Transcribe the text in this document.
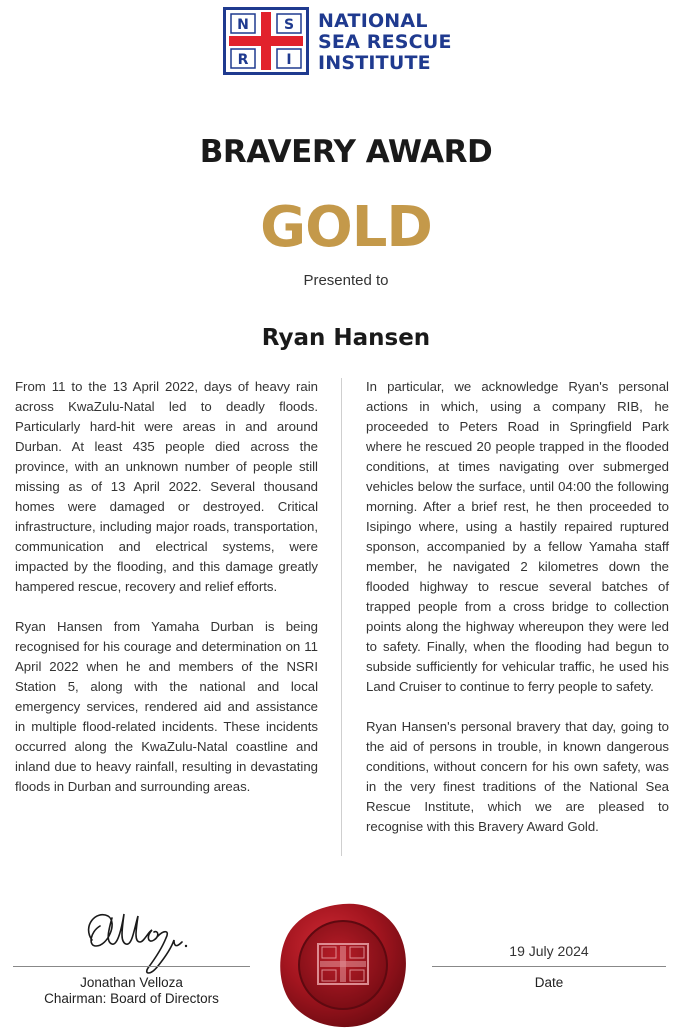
N	S
R	I
NATIONAL
SEA RESCUE
INSTITUTE
BRAVERY AWARD
GOLD
Presented to
Ryan Hansen

From 11 to the 13 April 2022, days of heavy rain across KwaZulu-Natal led to deadly floods. Particularly hard-hit were areas in and around Durban. At least 435 people died across the province, with an unknown number of people still missing as of 13 April 2022. Several thousand homes were damaged or destroyed. Critical infrastructure, including major roads, transportation, communication and electrical systems, were impacted by the flooding, and this damage greatly hampered rescue, recovery and relief efforts.

Ryan Hansen from Yamaha Durban is being recognised for his courage and determination on 11 April 2022 when he and members of the NSRI Station 5, along with the national and local emergency services, rendered aid and assistance in multiple flood-related incidents. These incidents occurred along the KwaZulu-Natal coastline and inland due to heavy rainfall, resulting in devastating floods in Durban and surrounding areas.

In particular, we acknowledge Ryan's personal actions in which, using a company RIB, he proceeded to Peters Road in Springfield Park where he rescued 20 people trapped in the flooded conditions, at times navigating over submerged vehicles below the surface, until 04:00 the following morning. After a brief rest, he then proceeded to Isipingo where, using a hastily repaired ruptured sponson, accompanied by a fellow Yamaha staff member, he navigated 2 kilometres down the flooded highway to rescue several batches of trapped people from a cross bridge to collection points along the highway whereupon they were led to safety. Finally, when the flooding had begun to subside sufficiently for vehicular traffic, he used his Land Cruiser to continue to ferry people to safety.

Ryan Hansen's personal bravery that day, going to the aid of persons in trouble, in known dangerous conditions, without concern for his own safety, was in the very finest traditions of the National Sea Rescue Institute, which we are pleased to recognise with this Bravery Award Gold.

Jonathan Velloza
Chairman: Board of Directors
19 July 2024
Date
